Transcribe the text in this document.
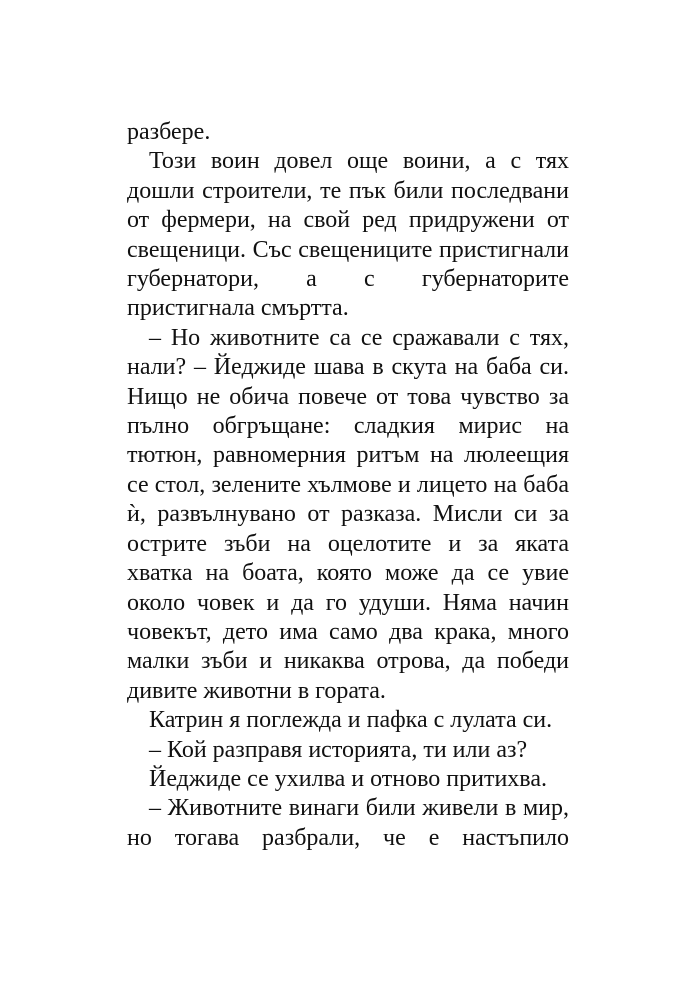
разбере.

Този воин довел още воини, а с тях дошли строители, те пък били последвани от фермери, на свой ред придружени от свещеници. Със свещениците пристигнали губернатори, а с губернаторите пристигнала смъртта.

– Но животните са се сражавали с тях, нали? – Йеджиде шава в скута на баба си. Нищо не обича повече от това чувство за пълно обгръщане: сладкия мирис на тютюн, равномерния ритъм на люлеещия се стол, зелените хълмове и лицето на баба ѝ, развълнувано от разказа. Мисли си за острите зъби на оцелотите и за яката хватка на боата, която може да се увие около човек и да го удуши. Няма начин човекът, дето има само два крака, много малки зъби и никаква отрова, да победи дивите животни в гората.

Катрин я поглежда и пафка с лулата си.

– Кой разправя историята, ти или аз?

Йеджиде се ухилва и отново притихва.

– Животните винаги били живели в мир, но тогава разбрали, че е настъпило
